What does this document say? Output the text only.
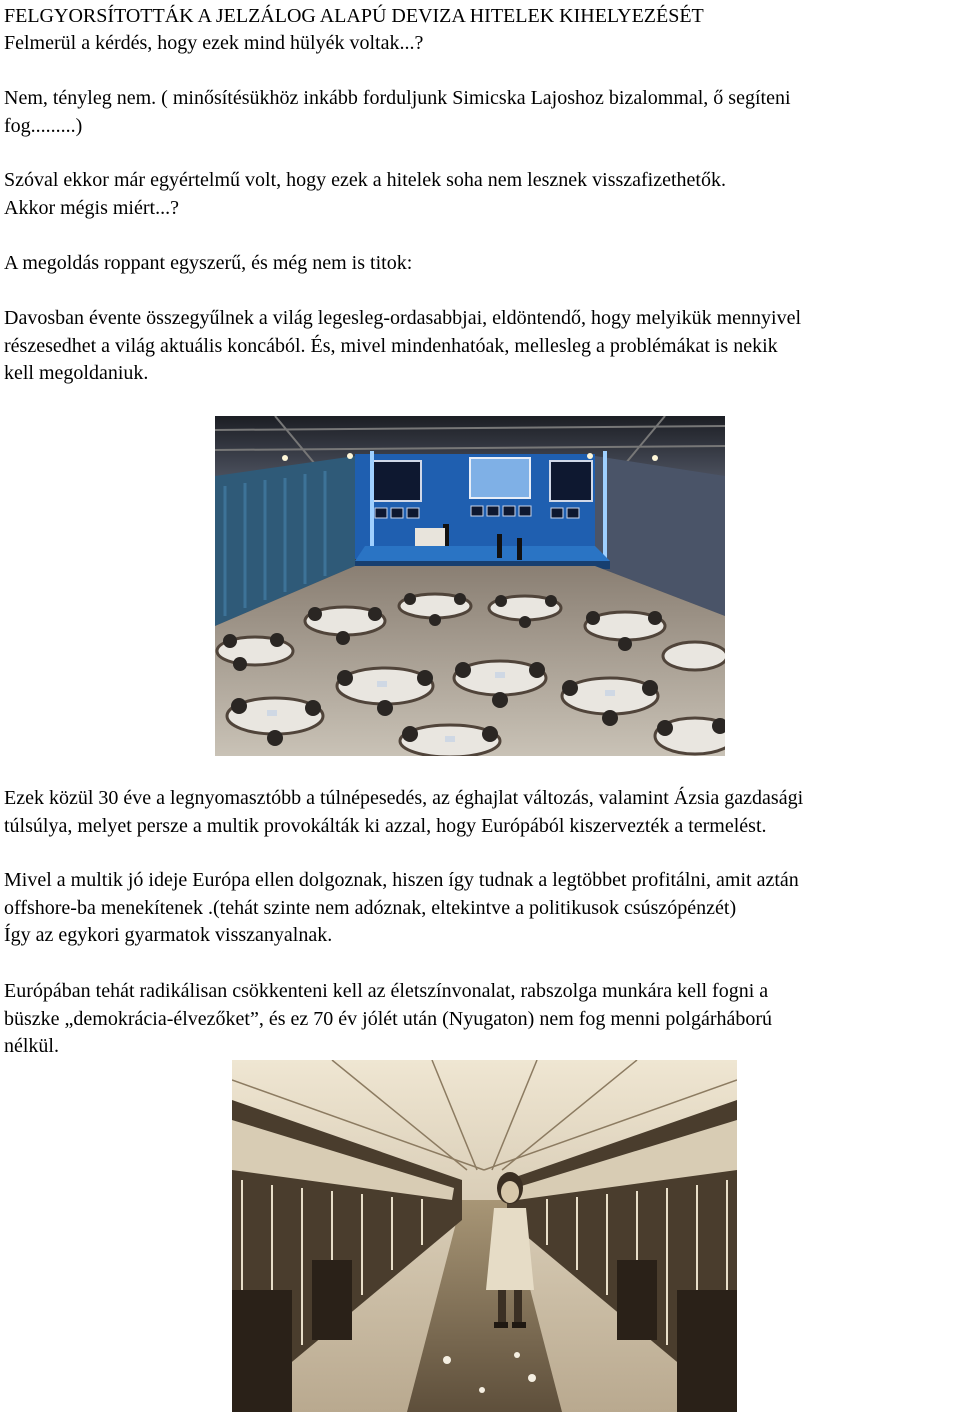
FELGYORSÍTOTTÁK A JELZÁLOG ALAPÚ DEVIZA HITELEK KIHELYEZÉSÉT
Felmerül a kérdés, hogy ezek mind hülyék voltak...?
Nem, tényleg nem. ( minősítésükhöz inkább forduljunk Simicska Lajoshoz bizalommal, ő segíteni
fog.........)
Szóval ekkor már egyértelmű volt, hogy ezek a hitelek soha nem lesznek visszafizethetők.
Akkor mégis miért...?
A megoldás roppant egyszerű, és még nem is titok:
Davosban évente összegyűlnek a világ legesleg-ordasabbjai, eldöntendő, hogy melyikük mennyivel
részesedhet a világ aktuális koncából. És, mivel mindenhatóak, mellesleg a problémákat is nekik
kell megoldaniuk.
Ezek közül 30 éve a legnyomasztóbb a túlnépesedés, az éghajlat változás, valamint Ázsia gazdasági
túlsúlya, melyet persze a multik provokálták ki azzal, hogy Európából kiszervezték a termelést.
Mivel a multik jó ideje Európa ellen dolgoznak, hiszen így tudnak a legtöbbet profitálni, amit aztán
offshore-ba menekítenek .(tehát szinte nem adóznak, eltekintve a politikusok csúszópénzét)
Így az egykori gyarmatok visszanyalnak.
Európában tehát radikálisan csökkenteni kell az életszínvonalat, rabszolga munkára kell fogni a
büszke „demokrácia-élvezőket”, és ez 70 év jólét után (Nyugaton) nem fog menni polgárháború
nélkül.
